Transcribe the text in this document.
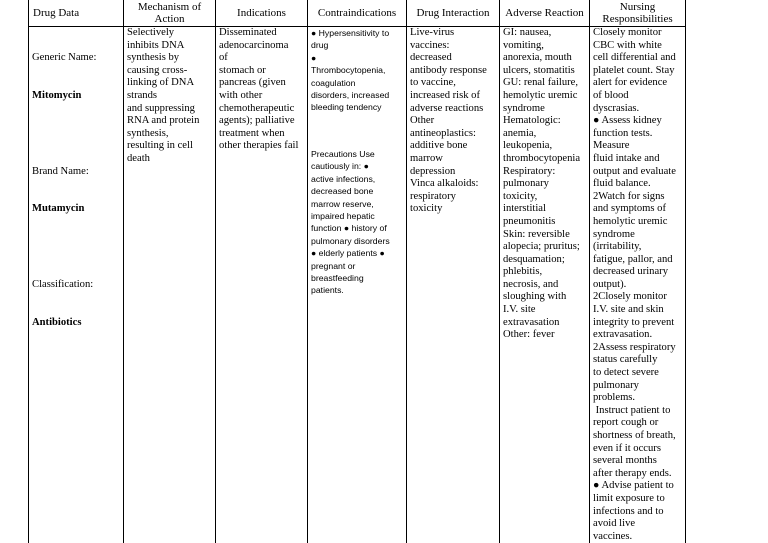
Drug Data

Generic Name:

Mitomycin

Brand Name:

Mutamycin

Classification:

Antibiotics

Mechanism of Action
Selectively
inhibits DNA
synthesis by
causing cross-
linking of DNA
strands
and suppressing
RNA and protein
synthesis,
resulting in cell
death
Indications
Disseminated
adenocarcinoma
of
stomach or
pancreas (given
with other
chemotherapeutic
agents); palliative
treatment when
other therapies fail
Contraindications
● Hypersensitivity to
drug
●
Thrombocytopenia,
coagulation
disorders, increased
bleeding tendency
Precautions Use
cautiously in: ●
active infections,
decreased bone
marrow reserve,
impaired hepatic
function ● history of
pulmonary disorders
● elderly patients ●
pregnant or
breastfeeding
patients.
Drug Interaction
Live-virus
vaccines:
decreased
antibody response
to vaccine,
increased risk of
adverse reactions
Other
antineoplastics:
additive bone
marrow
depression
Vinca alkaloids:
respiratory
toxicity
Adverse Reaction
GI: nausea,
vomiting,
anorexia, mouth
ulcers, stomatitis
GU: renal failure,
hemolytic uremic
syndrome
Hematologic:
anemia,
leukopenia,
thrombocytopenia
Respiratory:
pulmonary
toxicity,
interstitial
pneumonitis
Skin: reversible
alopecia; pruritus;
desquamation;
phlebitis,
necrosis, and
sloughing with
I.V. site
extravasation
Other: fever
Nursing Responsibilities
Closely monitor
CBC with white
cell differential and
platelet count. Stay
alert for evidence
of blood
dyscrasias.
● Assess kidney
function tests.
Measure
fluid intake and
output and evaluate
fluid balance.
2Watch for signs
and symptoms of
hemolytic uremic
syndrome
(irritability,
fatigue, pallor, and
decreased urinary
output).
2Closely monitor
I.V. site and skin
integrity to prevent
extravasation.
2Assess respiratory
status carefully
to detect severe
pulmonary
problems.
Instruct patient to
report cough or
shortness of breath,
even if it occurs
several months
after therapy ends.
● Advise patient to
limit exposure to
infections and to
avoid live
vaccines.
